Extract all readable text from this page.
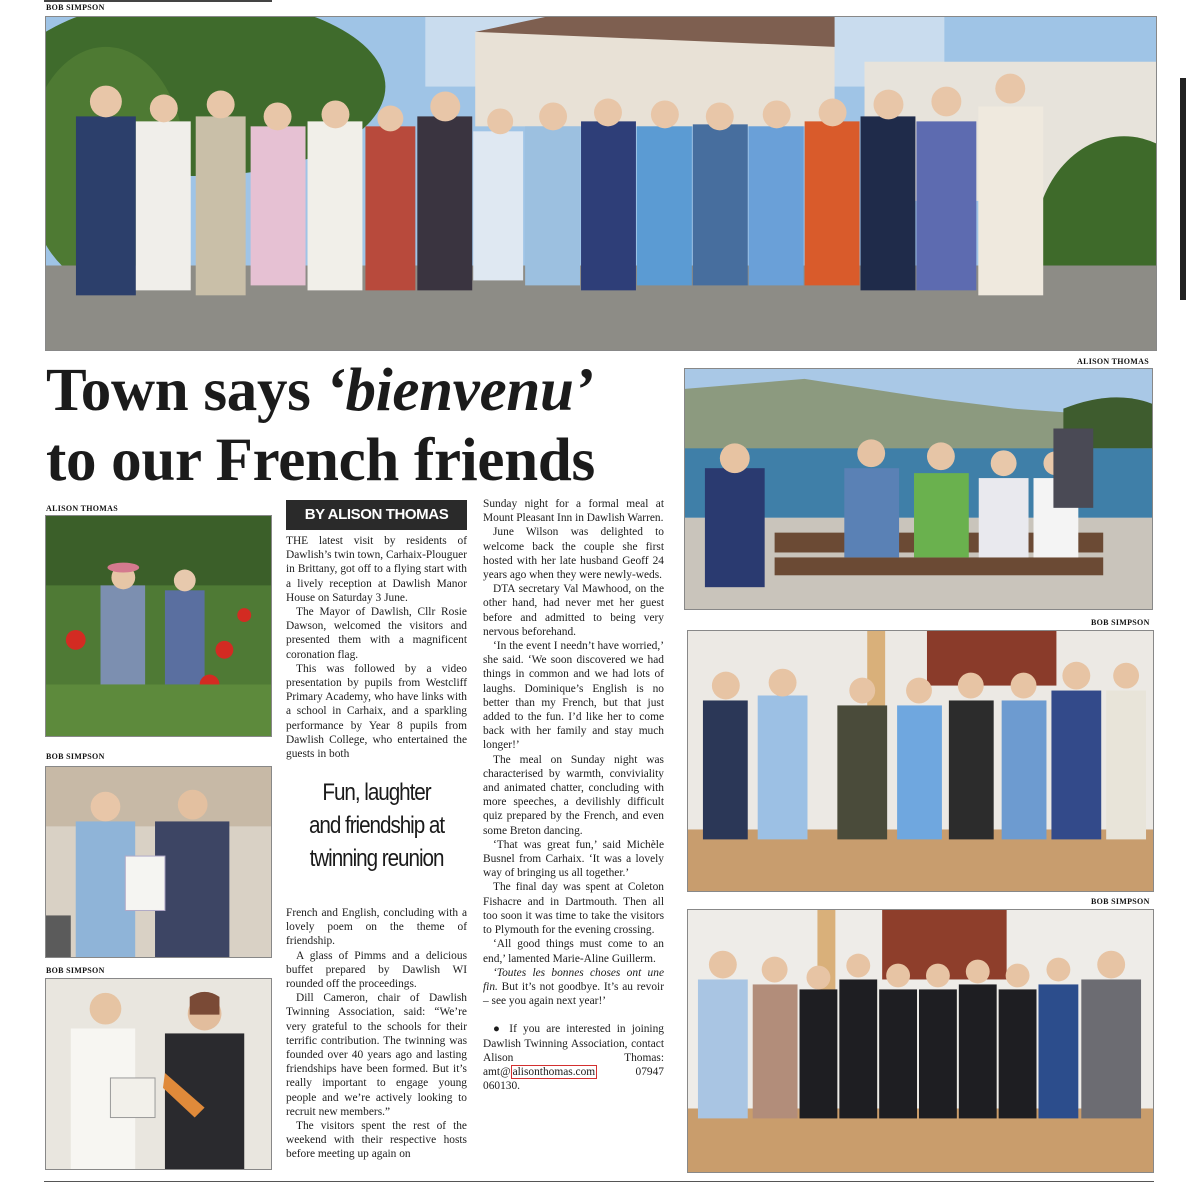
BOB SIMPSON
Town says ‘bienvenu’
to our French friends
ALISON THOMAS
BOB SIMPSON
BOB SIMPSON
BY ALISON THOMAS

THE latest visit by residents of Dawlish’s twin town, Carhaix-Plouguer in Brittany, got off to a flying start with a lively reception at Dawlish Manor House on Saturday 3 June.

The Mayor of Dawlish, Cllr Rosie Dawson, welcomed the visitors and presented them with a magnificent coronation flag.

This was followed by a video presentation by pupils from Westcliff Primary Academy, who have links with a school in Carhaix, and a sparkling performance by Year 8 pupils from Dawlish College, who entertained the guests in both

Fun, laughter
and friendship at
twinning reunion

French and English, concluding with a lovely poem on the theme of friendship.

A glass of Pimms and a delicious buffet prepared by Dawlish WI rounded off the proceedings.

Dill Cameron, chair of Dawlish Twinning Association, said: “We’re very grateful to the schools for their terrific contribution. The twinning was founded over 40 years ago and lasting friendships have been formed. But it’s really important to engage young people and we’re actively looking to recruit new members.”

The visitors spent the rest of the weekend with their respective hosts before meeting up again on

Sunday night for a formal meal at Mount Pleasant Inn in Dawlish Warren.

June Wilson was delighted to welcome back the couple she first hosted with her late husband Geoff 24 years ago when they were newly-weds.

DTA secretary Val Mawhood, on the other hand, had never met her guest before and admitted to being very nervous beforehand.

‘In the event I needn’t have worried,’ she said. ‘We soon discovered we had things in common and we had lots of laughs. Dominique’s English is no better than my French, but that just added to the fun. I’d like her to come back with her family and stay much longer!’

The meal on Sunday night was characterised by warmth, conviviality and animated chatter, concluding with more speeches, a devilishly difficult quiz prepared by the French, and even some Breton dancing.

‘That was great fun,’ said Michèle Busnel from Carhaix. ‘It was a lovely way of bringing us all together.’

The final day was spent at Coleton Fishacre and in Dartmouth. Then all too soon it was time to take the visitors to Plymouth for the evening crossing.

‘All good things must come to an end,’ lamented Marie-Aline Guillerm.

‘Toutes les bonnes choses ont une fin. But it’s not goodbye. It’s au revoir – see you again next year!’

● If you are interested in joining Dawlish Twinning Association, contact Alison Thomas: amt@ alisonthomas.com 07947 060130.

ALISON THOMAS
BOB SIMPSON
BOB SIMPSON
